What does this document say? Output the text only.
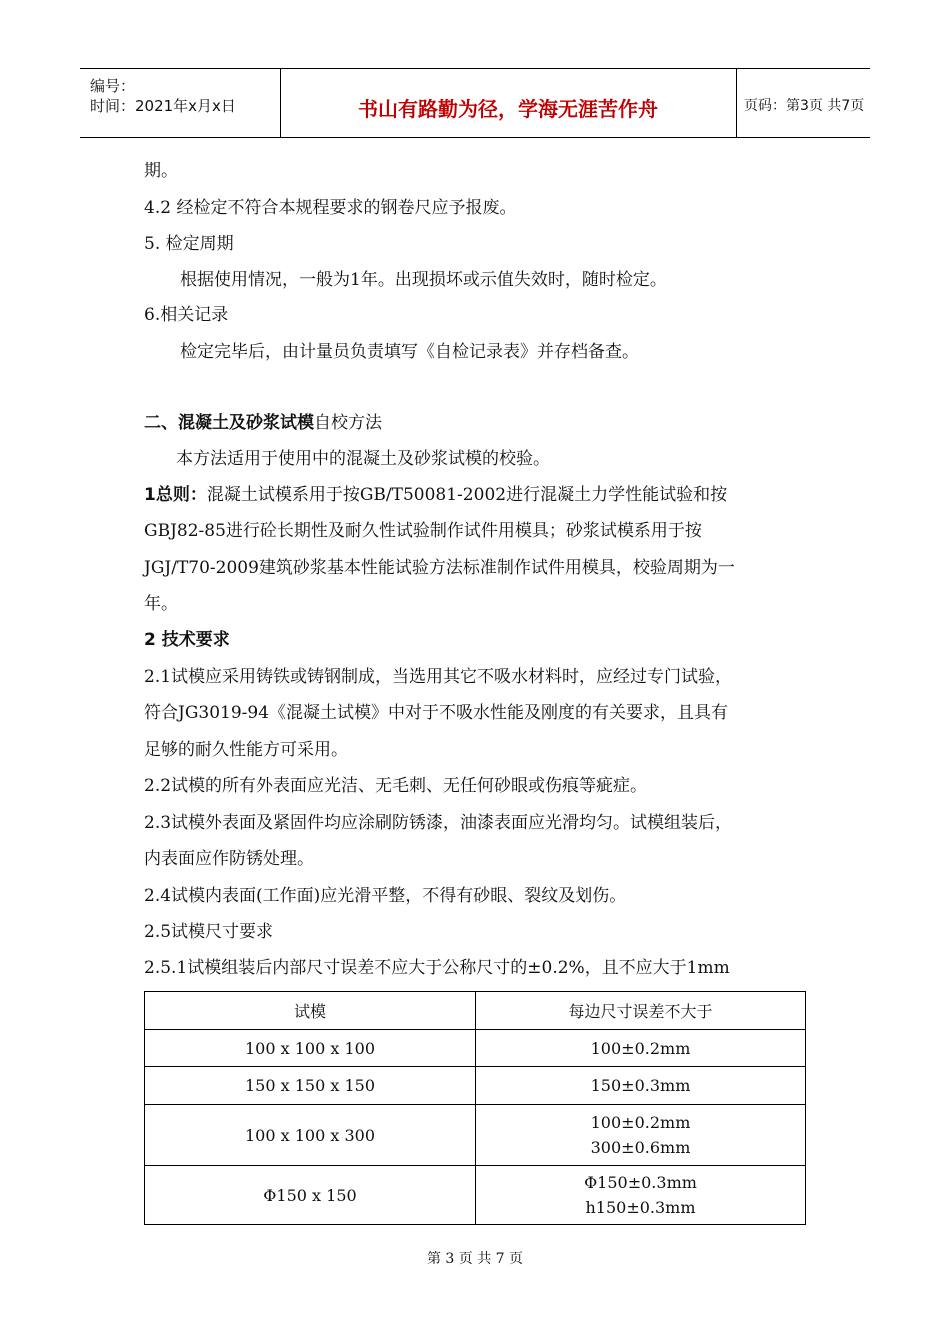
编号：
时间：2021年x月x日	书山有路勤为径，学海无涯苦作舟	页码：第3页 共7页
期。
4.2 经检定不符合本规程要求的钢卷尺应予报废。
5. 检定周期
根据使用情况，一般为1年。出现损坏或示值失效时，随时检定。
6.相关记录
检定完毕后，由计量员负责填写《自检记录表》并存档备查。
二、混凝土及砂浆试模自校方法
本方法适用于使用中的混凝土及砂浆试模的校验。
1总则：混凝土试模系用于按GB/T50081-2002进行混凝土力学性能试验和按
GBJ82-85进行砼长期性及耐久性试验制作试件用模具；砂浆试模系用于按
JGJ/T70-2009建筑砂浆基本性能试验方法标准制作试件用模具，校验周期为一
年。
2 技术要求
2.1试模应采用铸铁或铸钢制成，当选用其它不吸水材料时，应经过专门试验，
符合JG3019-94《混凝土试模》中对于不吸水性能及刚度的有关要求，且具有
足够的耐久性能方可采用。
2.2试模的所有外表面应光洁、无毛刺、无任何砂眼或伤痕等疵症。
2.3试模外表面及紧固件均应涂刷防锈漆，油漆表面应光滑均匀。试模组装后，
内表面应作防锈处理。
2.4试模内表面(工作面)应光滑平整，不得有砂眼、裂纹及划伤。
2.5试模尺寸要求
2.5.1试模组装后内部尺寸误差不应大于公称尺寸的±0.2%，且不应大于1mm
试模	每边尺寸误差不大于
100 x 100 x 100	100±0.2mm

150 x 150 x 150	150±0.3mm

100 x 100 x 300	100±0.2mm
300±0.6mm

Φ150 x 150	Φ150±0.3mm
h150±0.3mm
第 3 页 共 7 页
